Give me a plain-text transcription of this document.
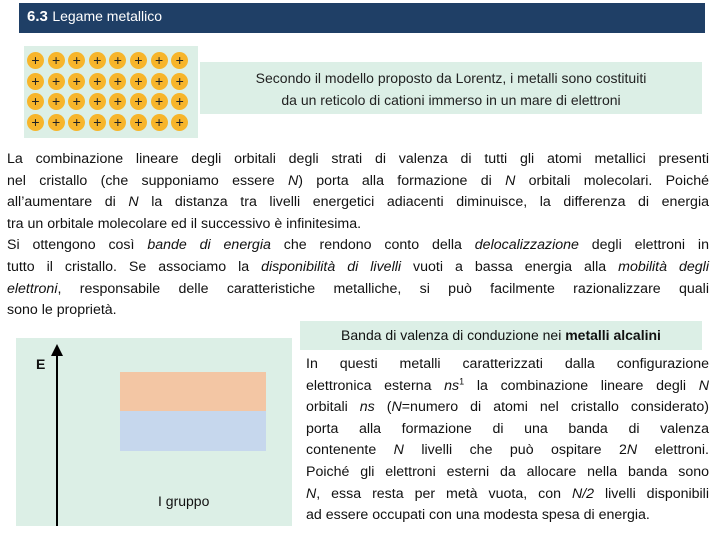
6.3 Legame metallico
+ + + + + + + +
+ + + + + + + +
+ + + + + + + +
+ + + + + + + +
Secondo il modello proposto da Lorentz, i metalli sono costituiti
da un reticolo di cationi immerso in un mare di elettroni
La combinazione lineare degli orbitali degli strati di valenza di tutti gli atomi metallici presenti
nel cristallo (che supponiamo essere N) porta alla formazione di N orbitali molecolari. Poiché
all’aumentare di N la distanza tra livelli energetici adiacenti diminuisce, la differenza di energia
tra un orbitale molecolare ed il successivo è infinitesima.
Si ottengono così bande di energia che rendono conto della delocalizzazione degli elettroni in
tutto il cristallo. Se associamo la disponibilità di livelli vuoti a bassa energia alla mobilità degli
elettroni, responsabile delle caratteristiche metalliche, si può facilmente razionalizzare quali
sono le proprietà.
E
I gruppo
Banda di valenza di conduzione nei metalli alcalini
In questi metalli caratterizzati dalla configurazione
elettronica esterna $ns^1$ la combinazione lineare degli N
orbitali ns (N=numero di atomi nel cristallo considerato)
porta alla formazione di una banda di valenza
contenente N livelli che può ospitare 2N elettroni.
Poiché gli elettroni esterni da allocare nella banda sono
N, essa resta per metà vuota, con N/2 livelli disponibili
ad essere occupati con una modesta spesa di energia.
